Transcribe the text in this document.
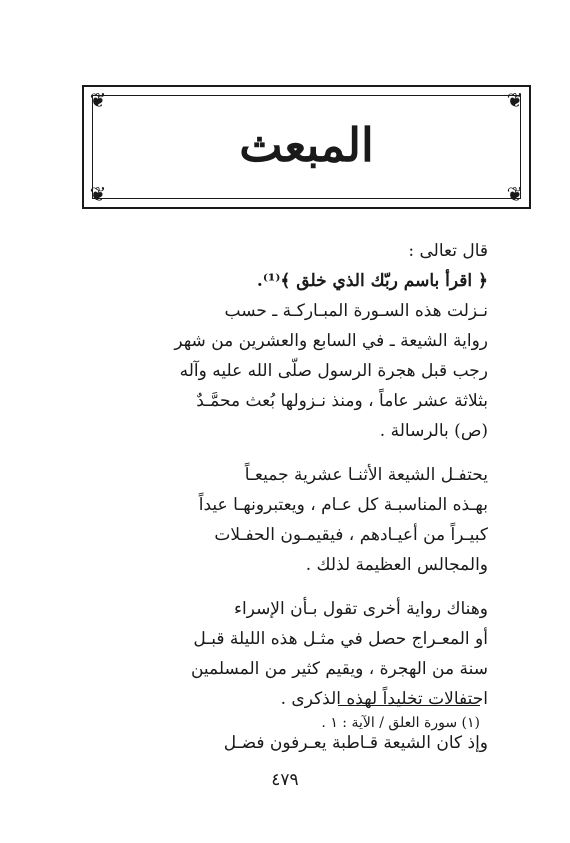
❦	❦
❦	❦
المبعث
قال تعالى :
﴿ اقرأ باسم ربّك الذي خلق ﴾⁽¹⁾.
نـزلت هذه السـورة المبـاركـة ـ حسب
رواية الشيعة ـ في السابع والعشرين من شهر
رجب قبل هجرة الرسول صلّى الله عليه وآله
بثلاثة عشر عاماً ، ومنذ نـزولها بُعث محمَّـدٌ
(ص) بالرسالة .
يحتفـل الشيعة الأثنـا عشرية جميعـاً
بهـذه المناسبـة كل عـام ، ويعتبرونهـا عيداً
كبيـراً من أعيـادهم ، فيقيمـون الحفـلات
والمجالس العظيمة لذلك .
وهناك رواية أخرى تقول بـأن الإسراء
أو المعـراج حصل في مثـل هذه الليلة قبـل
سنة من الهجرة ، ويقيم كثير من المسلمين
احتفالات تخليداً لهذه الذكرى .
وإذ كان الشيعة قـاطبة يعـرفون فضـل
(١) سورة العلق / الآية : ١ .
٤٧٩
